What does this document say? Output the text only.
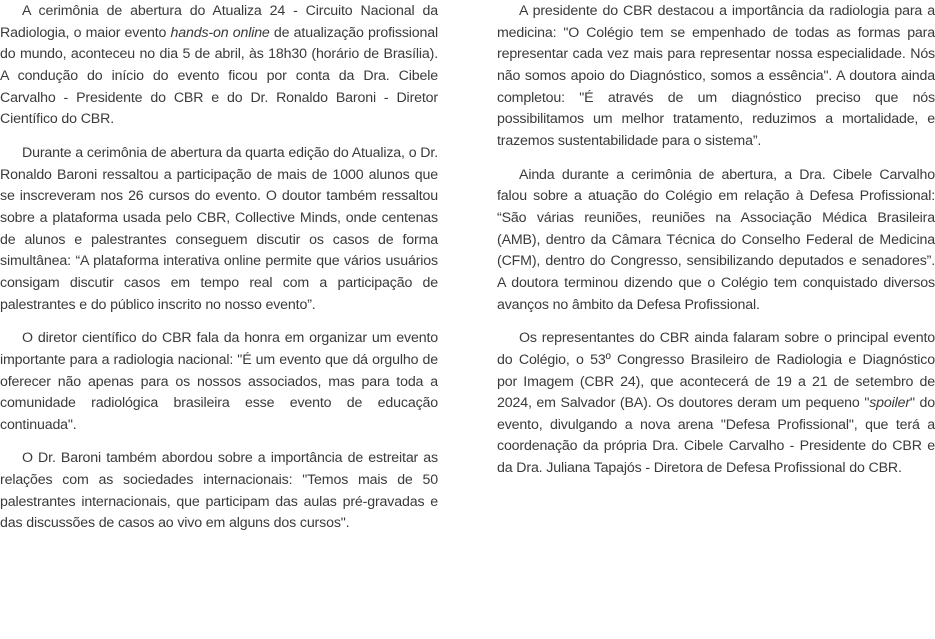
A cerimônia de abertura do Atualiza 24 - Circuito Nacional da Radiologia, o maior evento hands-on online de atualização profissional do mundo, aconteceu no dia 5 de abril, às 18h30 (horário de Brasília). A condução do início do evento ficou por conta da Dra. Cibele Carvalho - Presidente do CBR e do Dr. Ronaldo Baroni - Diretor Científico do CBR.

Durante a cerimônia de abertura da quarta edição do Atualiza, o Dr. Ronaldo Baroni ressaltou a participação de mais de 1000 alunos que se inscreveram nos 26 cursos do evento. O doutor também ressaltou sobre a plataforma usada pelo CBR, Collective Minds, onde centenas de alunos e palestrantes conseguem discutir os casos de forma simultânea: “A plataforma interativa online permite que vários usuários consigam discutir casos em tempo real com a participação de palestrantes e do público inscrito no nosso evento”.

O diretor científico do CBR fala da honra em organizar um evento importante para a radiologia nacional: "É um evento que dá orgulho de oferecer não apenas para os nossos associados, mas para toda a comunidade radiológica brasileira esse evento de educação continuada".

O Dr. Baroni também abordou sobre a importância de estreitar as relações com as sociedades internacionais: "Temos mais de 50 palestrantes internacionais, que participam das aulas pré-gravadas e das discussões de casos ao vivo em alguns dos cursos".

A presidente do CBR destacou a importância da radiologia para a medicina: "O Colégio tem se empenhado de todas as formas para representar cada vez mais para representar nossa especialidade. Nós não somos apoio do Diagnóstico, somos a essência". A doutora ainda completou: "É através de um diagnóstico preciso que nós possibilitamos um melhor tratamento, reduzimos a mortalidade, e trazemos sustentabilidade para o sistema”.

Ainda durante a cerimônia de abertura, a Dra. Cibele Carvalho falou sobre a atuação do Colégio em relação à Defesa Profissional: “São várias reuniões, reuniões na Associação Médica Brasileira (AMB), dentro da Câmara Técnica do Conselho Federal de Medicina (CFM), dentro do Congresso, sensibilizando deputados e senadores”. A doutora terminou dizendo que o Colégio tem conquistado diversos avanços no âmbito da Defesa Profissional.

Os representantes do CBR ainda falaram sobre o principal evento do Colégio, o 53º Congresso Brasileiro de Radiologia e Diagnóstico por Imagem (CBR 24), que acontecerá de 19 a 21 de setembro de 2024, em Salvador (BA). Os doutores deram um pequeno "spoiler" do evento, divulgando a nova arena "Defesa Profissional", que terá a coordenação da própria Dra. Cibele Carvalho - Presidente do CBR e da Dra. Juliana Tapajós - Diretora de Defesa Profissional do CBR.
